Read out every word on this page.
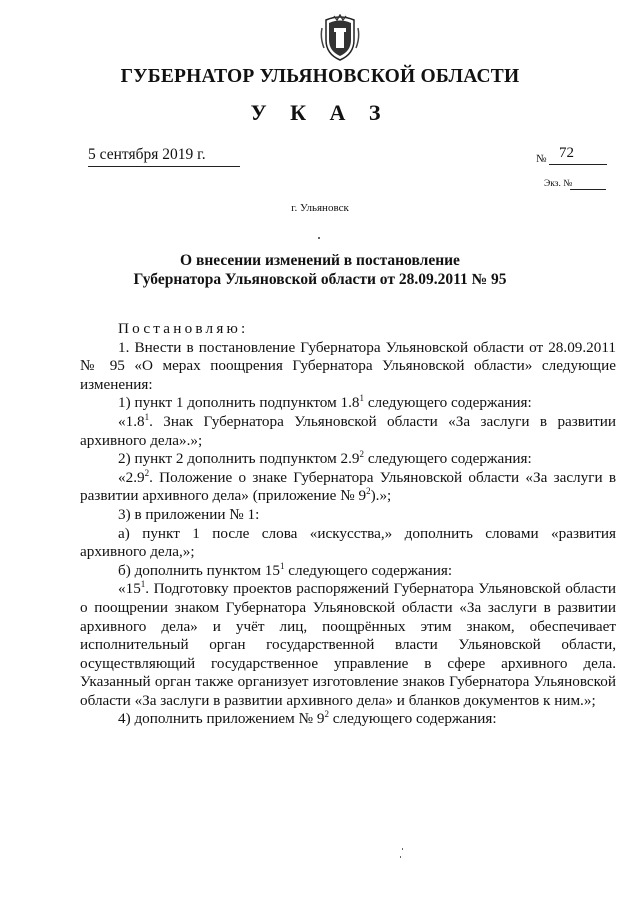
ГУБЕРНАТОР УЛЬЯНОВСКОЙ ОБЛАСТИ
У К А З
5 сентября 2019 г.	№ 72
Экз. №
г. Ульяновск
О внесении изменений в постановление
Губернатора Ульяновской области от 28.09.2011 № 95

Постановляю:

1. Внести в постановление Губернатора Ульяновской области от 28.09.2011 № 95 «О мерах поощрения Губернатора Ульяновской области» следующие изменения:

1) пункт 1 дополнить подпунктом $1.8^1$ следующего содержания:

«$1.8^1$. Знак Губернатора Ульяновской области «За заслуги в развитии архивного дела».»;

2) пункт 2 дополнить подпунктом $2.9^2$ следующего содержания:

«$2.9^2$. Положение о знаке Губернатора Ульяновской области «За заслуги в развитии архивного дела» (приложение № $9^2$).»;

3) в приложении № 1:

а) пункт 1 после слова «искусства,» дополнить словами «развития архивного дела,»;

б) дополнить пунктом $15^1$ следующего содержания:

«$15^1$. Подготовку проектов распоряжений Губернатора Ульяновской области о поощрении знаком Губернатора Ульяновской области «За заслуги в развитии архивного дела» и учёт лиц, поощрённых этим знаком, обеспечивает исполнительный орган государственной власти Ульяновской области, осуществляющий государственное управление в сфере архивного дела. Указанный орган также организует изготовление знаков Губернатора Ульяновской области «За заслуги в развитии архивного дела» и бланков документов к ним.»;

4) дополнить приложением № $9^2$ следующего содержания:
